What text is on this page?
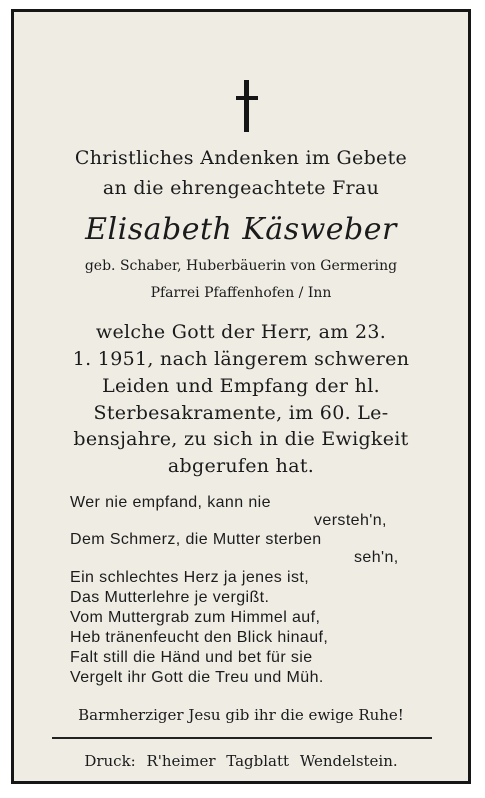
Christliches Andenken im Gebete
an die ehrengeachtete Frau
Elisabeth Käsweber
geb. Schaber, Huberbäuerin von Germering
Pfarrei Pfaffenhofen / Inn
welche Gott der Herr, am 23.
1. 1951, nach längerem schweren
Leiden und Empfang der hl.
Sterbesakramente, im 60. Le-
bensjahre, zu sich in die Ewigkeit
abgerufen hat.
Wer nie empfand, kann nie
versteh'n,
Dem Schmerz, die Mutter sterben
seh'n,
Ein schlechtes Herz ja jenes ist,
Das Mutterlehre je vergißt.
Vom Muttergrab zum Himmel auf,
Heb tränenfeucht den Blick hinauf,
Falt still die Händ und bet für sie
Vergelt ihr Gott die Treu und Müh.
Barmherziger Jesu gib ihr die ewige Ruhe!
Druck: R'heimer Tagblatt Wendelstein.
